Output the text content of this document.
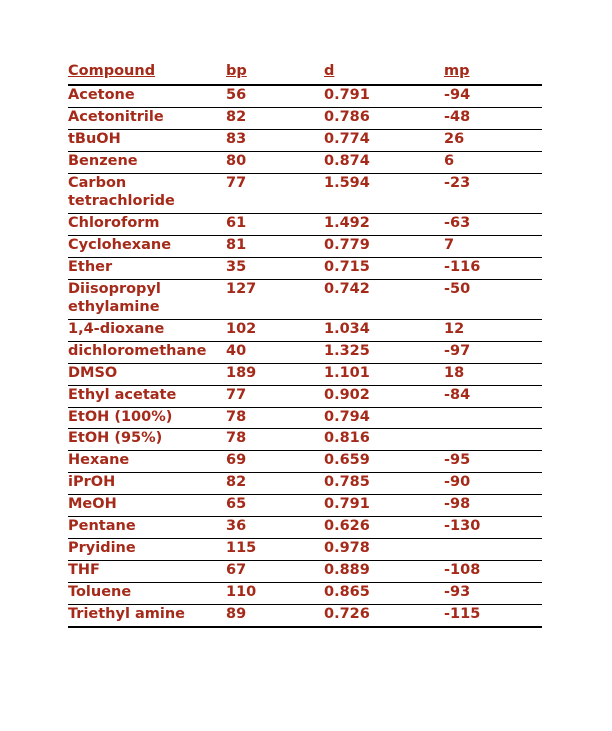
Compound	bp	d	mp
Acetone	56	0.791	-94
Acetonitrile	82	0.786	-48
tBuOH	83	0.774	26
Benzene	80	0.874	6
Carbon tetrachloride	77	1.594	-23
Chloroform	61	1.492	-63
Cyclohexane	81	0.779	7
Ether	35	0.715	-116
Diisopropyl ethylamine	127	0.742	-50
1,4-dioxane	102	1.034	12
dichloromethane	40	1.325	-97
DMSO	189	1.101	18
Ethyl acetate	77	0.902	-84
EtOH (100%)	78	0.794	
EtOH (95%)	78	0.816	
Hexane	69	0.659	-95
iPrOH	82	0.785	-90
MeOH	65	0.791	-98
Pentane	36	0.626	-130
Pryidine	115	0.978	
THF	67	0.889	-108
Toluene	110	0.865	-93
Triethyl amine	89	0.726	-115
